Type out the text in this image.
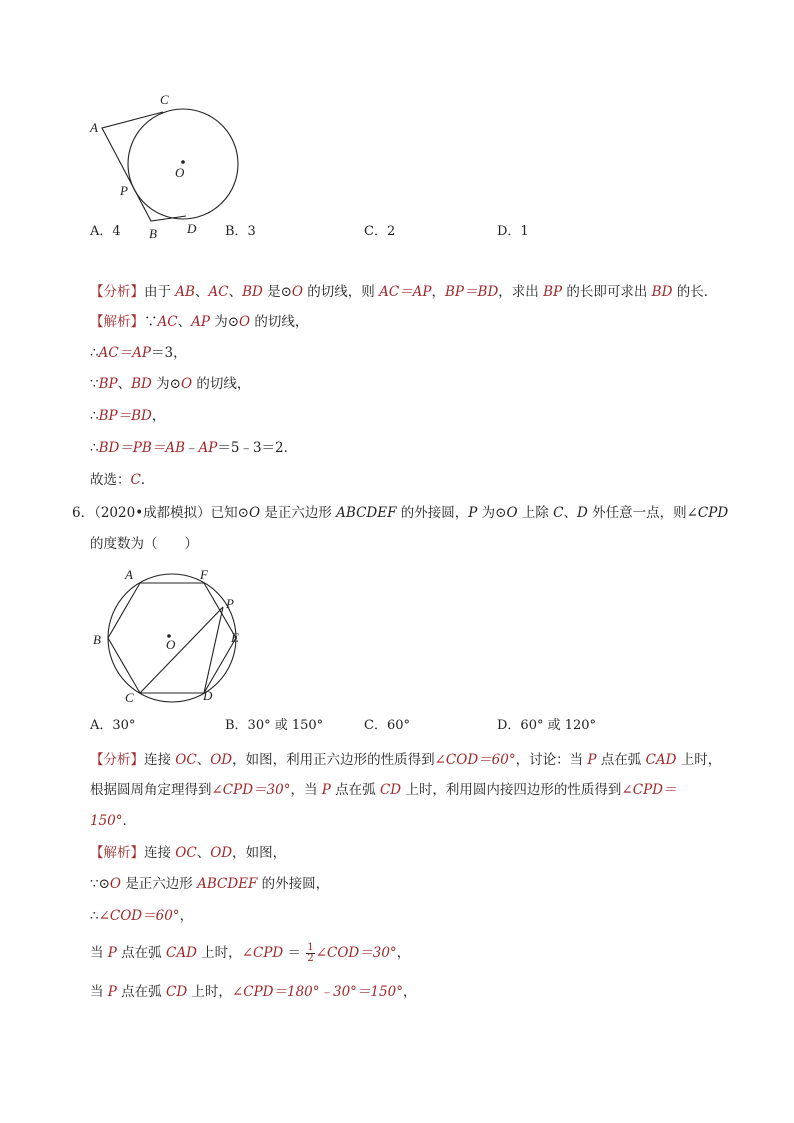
C
A
O
P
B D
A．4	B．3	C．2	D．1
【分析】由于 AB、AC、BD 是⊙O 的切线，则 AC＝AP，BP＝BD，求出 BP 的长即可求出 BD 的长．
【解析】∵AC、AP 为⊙O 的切线，
∴AC＝AP＝3，
∵BP、BD 为⊙O 的切线，
∴BP＝BD，
∴BD＝PB＝AB﹣AP＝5﹣3＝2．
故选：C．
6．（2020•成都模拟）已知⊙O 是正六边形 ABCDEF 的外接圆，P 为⊙O 上除 C、D 外任意一点，则∠CPD
的度数为（　　）
A	F
P
B	O	E
C	D
A．30°	B．30° 或 150°	C．60°	D．60° 或 120°
【分析】连接 OC、OD，如图，利用正六边形的性质得到∠COD＝60°，讨论：当 P 点在弧 CAD 上时，
根据圆周角定理得到∠CPD＝30°，当 P 点在弧 CD 上时，利用圆内接四边形的性质得到∠CPD＝
150°．
【解析】连接 OC、OD，如图，
∵⊙O 是正六边形 ABCDEF 的外接圆，
∴∠COD＝60°，
当 P 点在弧 CAD 上时，∠CPD ＝ $\frac{1}{2}$ ∠COD＝30°，
当 P 点在弧 CD 上时，∠CPD＝180°﹣30°＝150°，
